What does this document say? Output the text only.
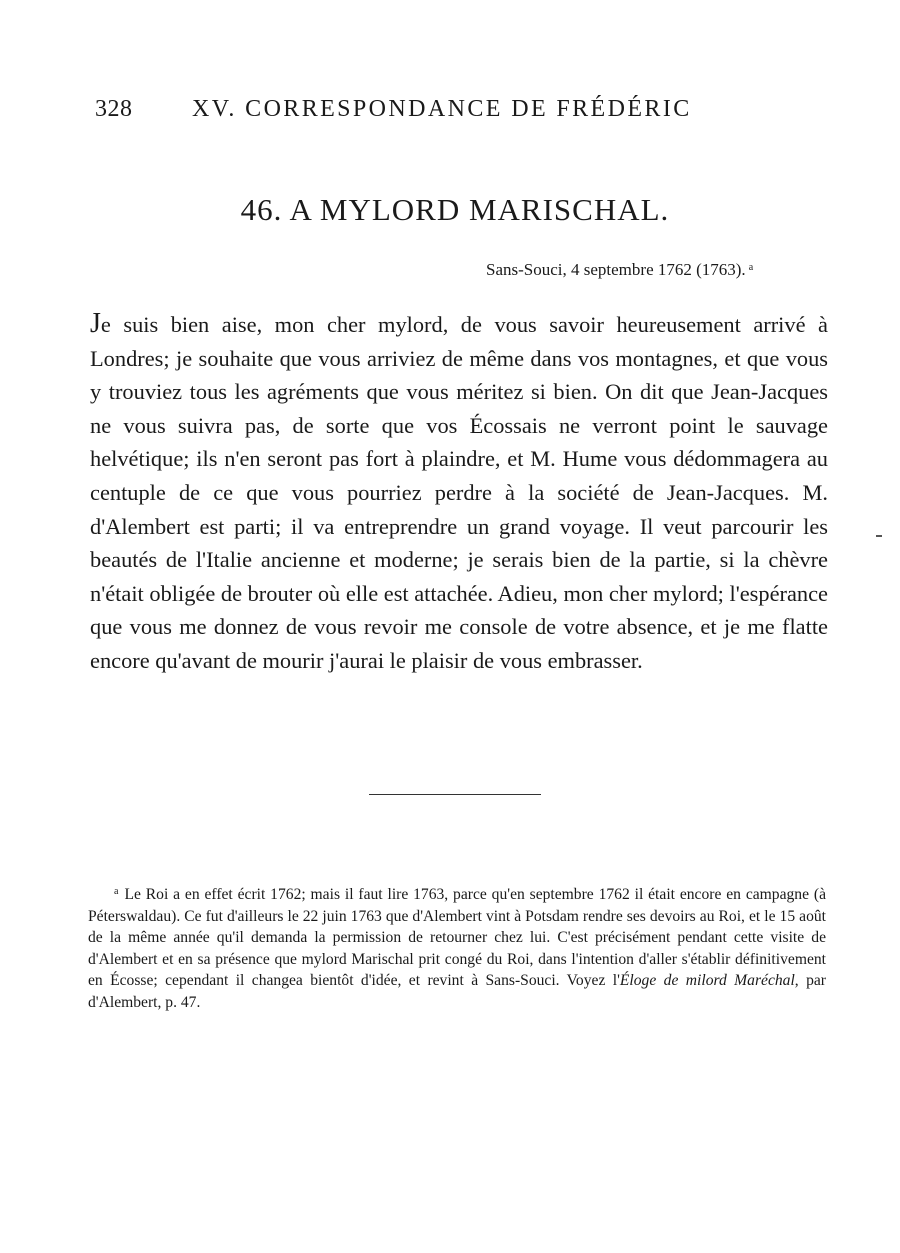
328 XV. CORRESPONDANCE DE FRÉDÉRIC
46. A MYLORD MARISCHAL.
Sans-Souci, 4 septembre 1762 (1763). $^a$

Je suis bien aise, mon cher mylord, de vous savoir heureusement arrivé à Londres; je souhaite que vous arriviez de même dans vos montagnes, et que vous y trouviez tous les agréments que vous méritez si bien. On dit que Jean-Jacques ne vous suivra pas, de sorte que vos Écossais ne verront point le sauvage helvétique; ils n'en seront pas fort à plaindre, et M. Hume vous dédommagera au centuple de ce que vous pourriez perdre à la société de Jean-Jacques. M. d'Alembert est parti; il va entreprendre un grand voyage. Il veut parcourir les beautés de l'Italie ancienne et moderne; je serais bien de la partie, si la chèvre n'était obligée de brouter où elle est attachée. Adieu, mon cher mylord; l'espérance que vous me donnez de vous revoir me console de votre absence, et je me flatte encore qu'avant de mourir j'aurai le plaisir de vous embrasser.

$^a$ Le Roi a en effet écrit 1762; mais il faut lire 1763, parce qu'en septembre 1762 il était encore en campagne (à Péterswaldau). Ce fut d'ailleurs le 22 juin 1763 que d'Alembert vint à Potsdam rendre ses devoirs au Roi, et le 15 août de la même année qu'il demanda la permission de retourner chez lui. C'est précisément pendant cette visite de d'Alembert et en sa présence que mylord Marischal prit congé du Roi, dans l'intention d'aller s'établir définitivement en Écosse; cependant il changea bientôt d'idée, et revint à Sans-Souci. Voyez l'Éloge de milord Maréchal, par d'Alembert, p. 47.
